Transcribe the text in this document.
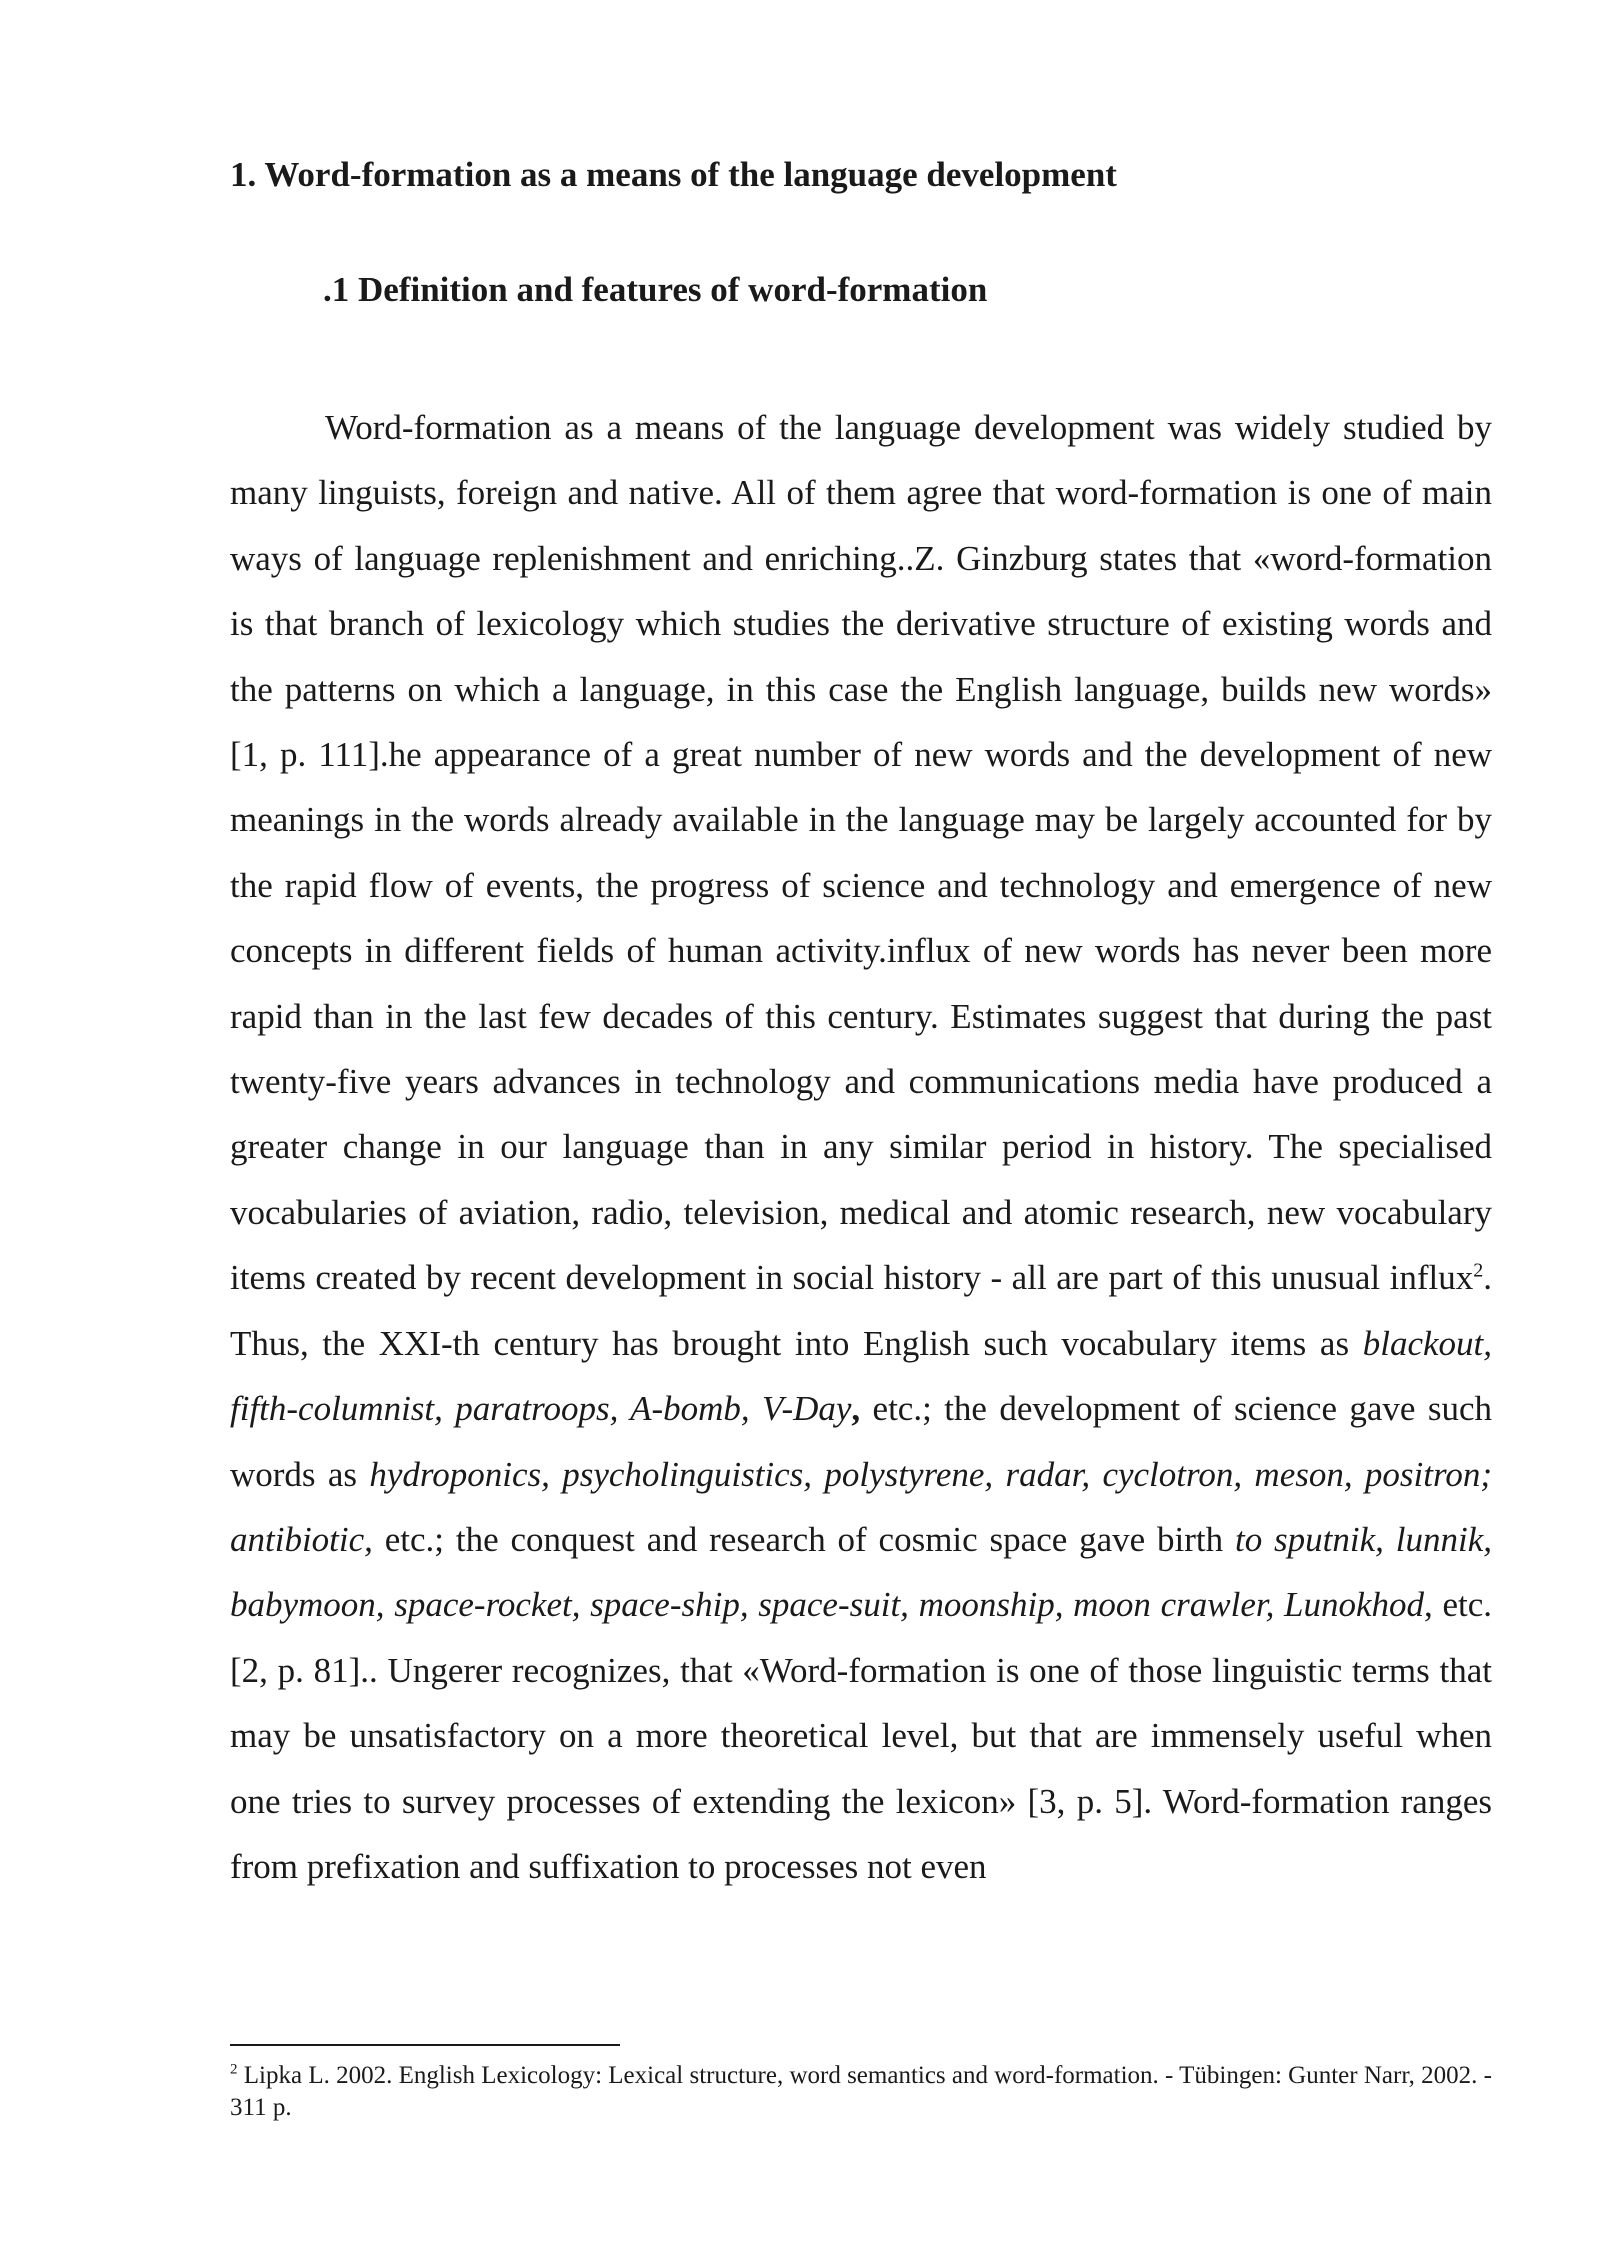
1. Word-formation as a means of the language development
.1 Definition and features of word-formation
Word-formation as a means of the language development was widely studied by many linguists, foreign and native. All of them agree that word-formation is one of main ways of language replenishment and enriching..Z. Ginzburg states that «word-formation is that branch of lexicology which studies the derivative structure of existing words and the patterns on which a language, in this case the English language, builds new words» [1, p. 111].he appearance of a great number of new words and the development of new meanings in the words already available in the language may be largely accounted for by the rapid flow of events, the progress of science and technology and emergence of new concepts in different fields of human activity.influx of new words has never been more rapid than in the last few decades of this century. Estimates suggest that during the past twenty-five years advances in technology and communications media have produced a greater change in our language than in any similar period in history. The specialised vocabularies of aviation, radio, television, medical and atomic research, new vocabulary items created by recent development in social history - all are part of this unusual influx$^2$. Thus, the XXI-th century has brought into English such vocabulary items as blackout, fifth-columnist, paratroops, A-bomb, V-Day, etc.; the development of science gave such words as hydroponics, psycholinguistics, polystyrene, radar, cyclotron, meson, positron; antibiotic, etc.; the conquest and research of cosmic space gave birth to sputnik, lunnik, babymoon, space-rocket, space-ship, space-suit, moonship, moon crawler, Lunokhod, etc. [2, p. 81].. Ungerer recognizes, that «Word-formation is one of those linguistic terms that may be unsatisfactory on a more theoretical level, but that are immensely useful when one tries to survey processes of extending the lexicon» [3, p. 5]. Word-formation ranges from prefixation and suffixation to processes not even
$^2$ Lipka L. 2002. English Lexicology: Lexical structure, word semantics and word-formation. - Tübingen: Gunter Narr, 2002. - 311 p.
